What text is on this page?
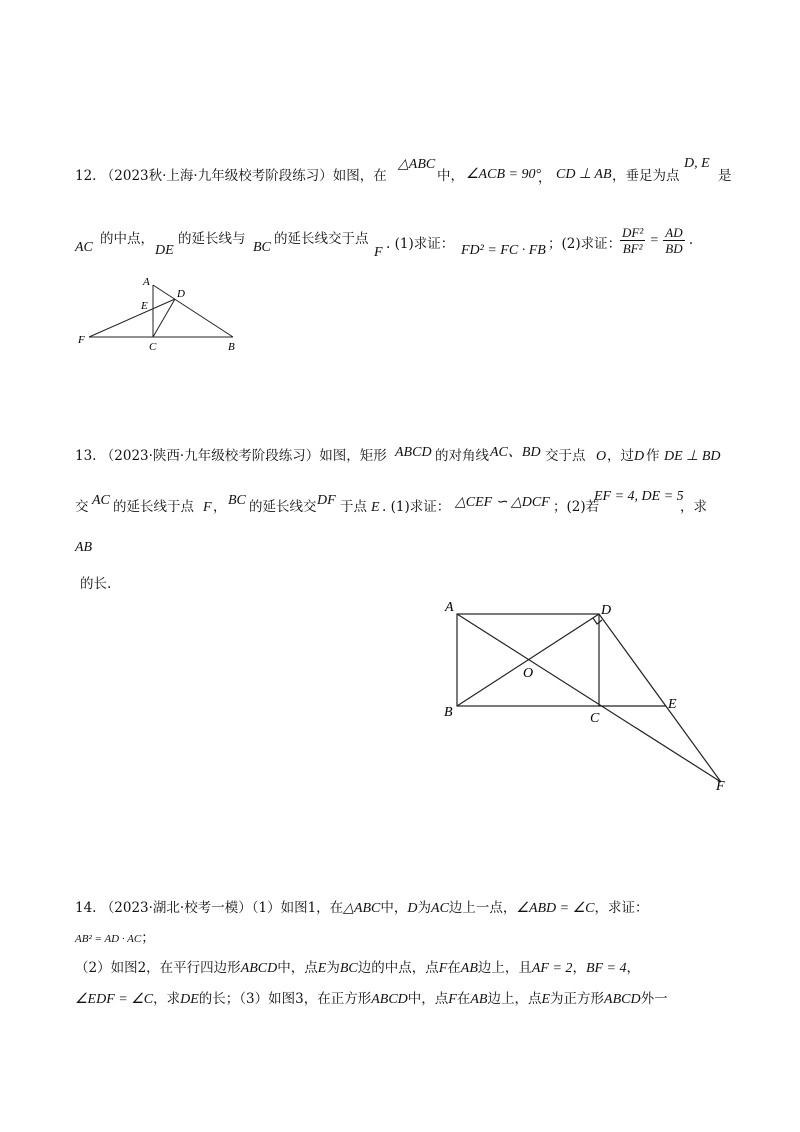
12. （2023秋·上海·九年级校考阶段练习）如图，在
△ABC
中， ∠ACB = 90°
， CD ⊥ AB ，垂足为点
D, E
是
AC
的中点，
DE
的延长线与
BC
的延长线交于点
F
. (1)求证： FD² = FC · FB ；(2)求证：
$\frac{\text{DF²}}{\text{BF²}} = \frac{AD}{BD}$ .
A
D
E
F
C	B
13. （2023·陕西·九年级校考阶段练习）如图，矩形 ABCD 的对角线 AC、BD 交于点 O ，过 D 作 DE ⊥ BD
交 AC 的延长线于点 F ， BC 的延长线交 DF 于点 E . (1)求证： △CEF ∽ △DCF ；(2)若
EF = 4, DE = 5
，求
AB
的长.
A	D
O
B	C
E
F
14. （2023·湖北·校考一模）（1）如图1，在△ABC中，D为AC边上一点，∠ABD = ∠C，求证：
AB² = AD · AC；
（2）如图2，在平行四边形ABCD中，点E为BC边的中点，点F在AB边上，且AF = 2，BF = 4，
∠EDF = ∠C，求DE的长；（3）如图3，在正方形ABCD中，点F在AB边上，点E为正方形ABCD外一
